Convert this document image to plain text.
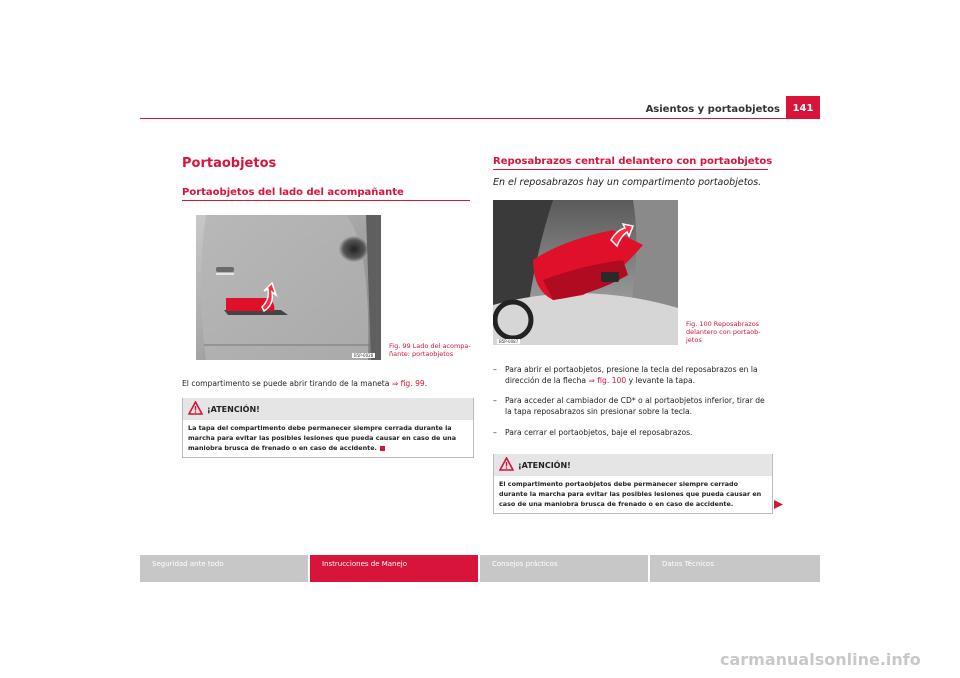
Asientos y portaobjetos	141
Portaobjetos
Portaobjetos del lado del acompañante
Reposabrazos central delantero con portaobjetos
B5P-0028
Fig. 99 Lado del acompa-
ñante: portaobjetos
El compartimento se puede abrir tirando de la maneta ⇒ fig. 99.
¡ATENCIÓN!
La tapa del compartimento debe permanecer siempre cerrada durante la marcha para evitar las posibles lesiones que pueda causar en caso de una maniobra brusca de frenado o en caso de accidente.
En el reposabrazos hay un compartimento portaobjetos.
B5P-0087
Fig. 100 Reposabrazos
delantero con portaob-
jetos
– Para abrir el portaobjetos, presione la tecla del reposabrazos en la dirección de la flecha ⇒ fig. 100 y levante la tapa.
– Para acceder al cambiador de CD* o al portaobjetos inferior, tirar de la tapa reposabrazos sin presionar sobre la tecla.
– Para cerrar el portaobjetos, baje el reposabrazos.
¡ATENCIÓN!
El compartimento portaobjetos debe permanecer siempre cerrado durante la marcha para evitar las posibles lesiones que pueda causar en caso de una maniobra brusca de frenado o en caso de accidente.
Seguridad ante todo	Instrucciones de Manejo	Consejos prácticos	Datos Técnicos
carmanualsonline.info
